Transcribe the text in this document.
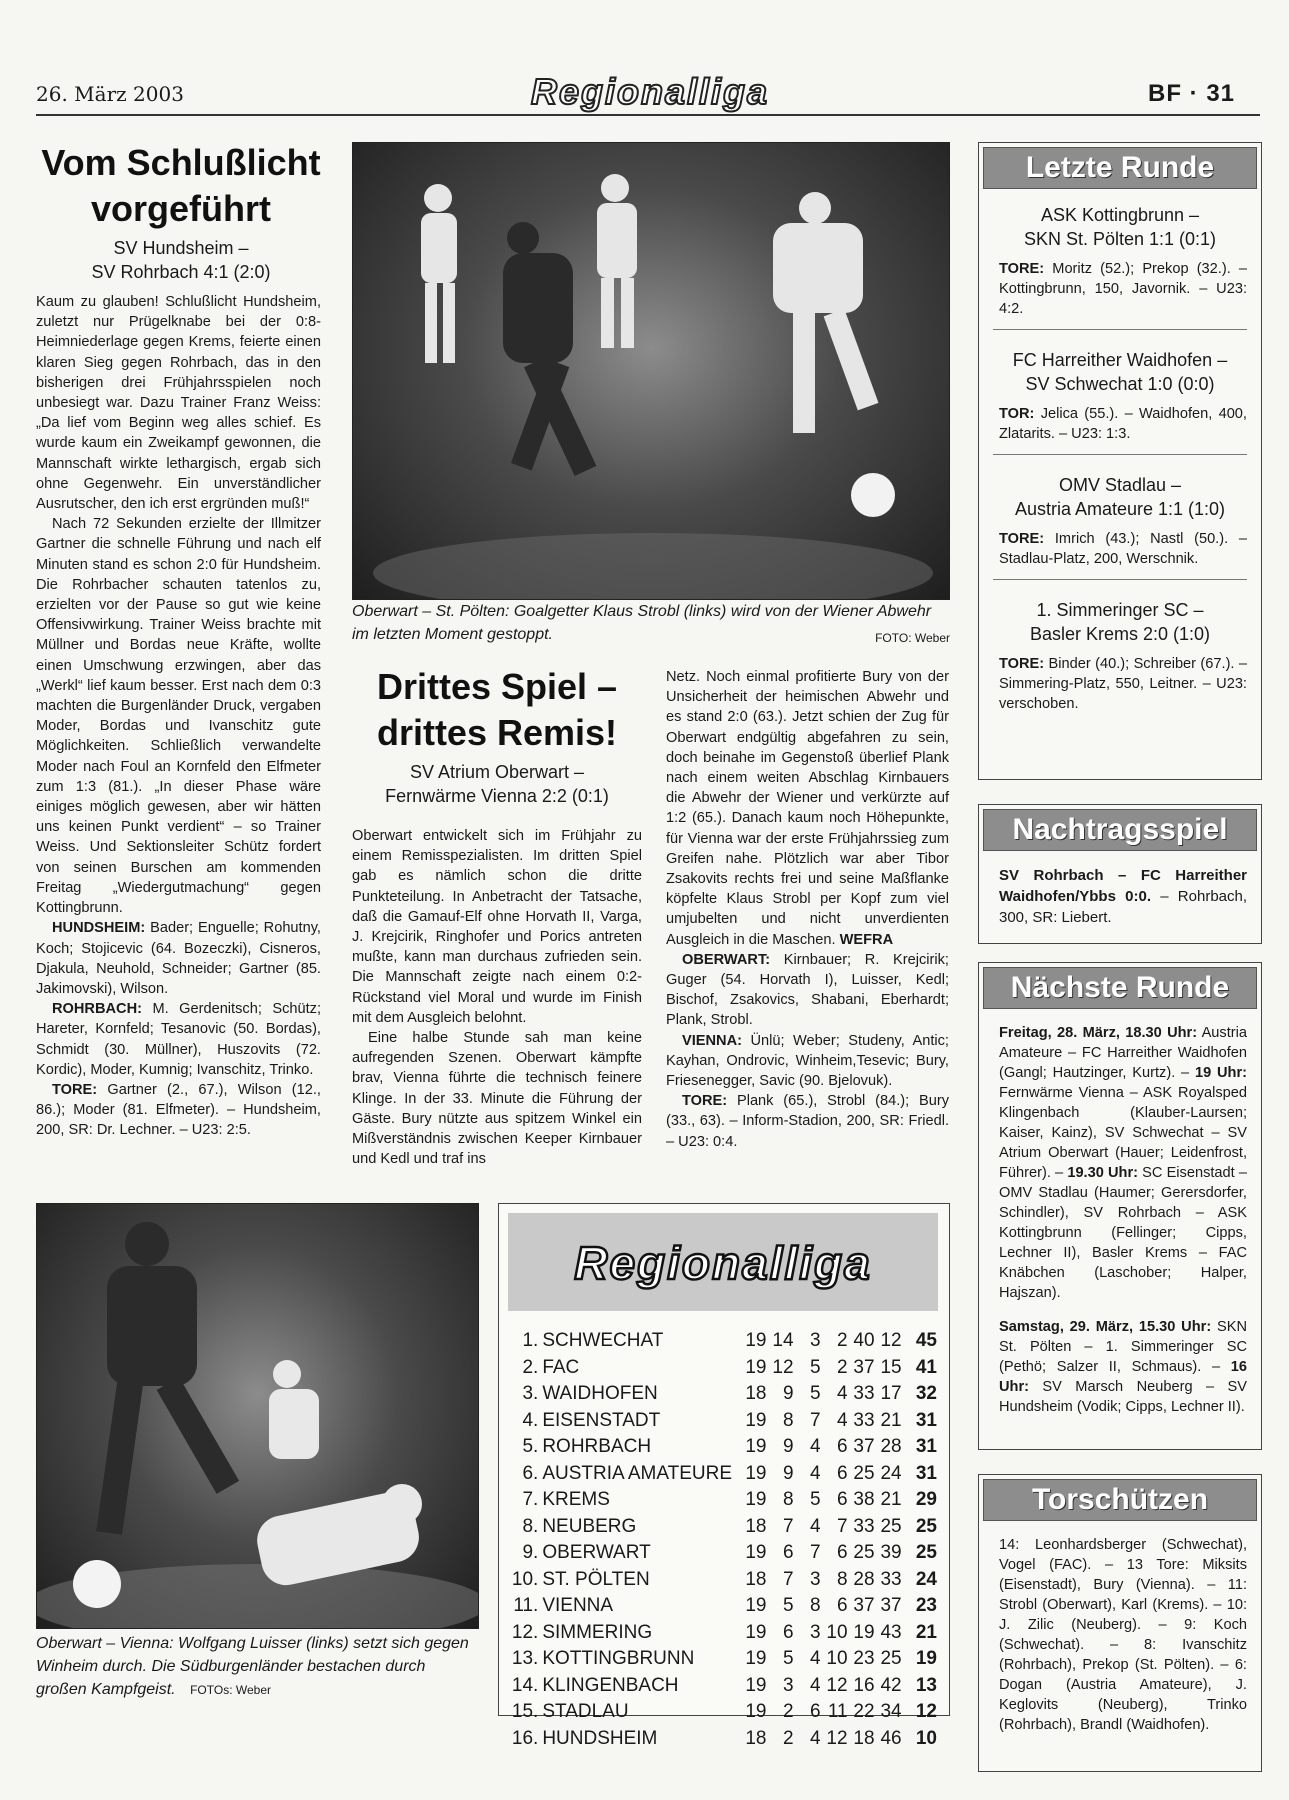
26. März 2003	Regionalliga	BF · 31
Vom Schlußlicht vorgeführt
SV Hundsheim –
SV Rohrbach 4:1 (2:0)

Kaum zu glauben! Schlußlicht Hundsheim, zuletzt nur Prügelknabe bei der 0:8-Heimniederlage gegen Krems, feierte einen klaren Sieg gegen Rohrbach, das in den bisherigen drei Frühjahrsspielen noch unbesiegt war. Dazu Trainer Franz Weiss: „Da lief vom Beginn weg alles schief. Es wurde kaum ein Zweikampf gewonnen, die Mannschaft wirkte lethargisch, ergab sich ohne Gegenwehr. Ein unverständlicher Ausrutscher, den ich erst ergründen muß!“

Nach 72 Sekunden erzielte der Illmitzer Gartner die schnelle Führung und nach elf Minuten stand es schon 2:0 für Hundsheim. Die Rohrbacher schauten tatenlos zu, erzielten vor der Pause so gut wie keine Offensivwirkung. Trainer Weiss brachte mit Müllner und Bordas neue Kräfte, wollte einen Umschwung erzwingen, aber das „Werkl“ lief kaum besser. Erst nach dem 0:3 machten die Burgenländer Druck, vergaben Moder, Bordas und Ivanschitz gute Möglichkeiten. Schließlich verwandelte Moder nach Foul an Kornfeld den Elfmeter zum 1:3 (81.). „In dieser Phase wäre einiges möglich gewesen, aber wir hätten uns keinen Punkt verdient“ – so Trainer Weiss. Und Sektionsleiter Schütz fordert von seinen Burschen am kommenden Freitag „Wiedergutmachung“ gegen Kottingbrunn.

HUNDSHEIM: Bader; Enguelle; Rohutny, Koch; Stojicevic (64. Bozeczki), Cisneros, Djakula, Neuhold, Schneider; Gartner (85. Jakimovski), Wilson.

ROHRBACH: M. Gerdenitsch; Schütz; Hareter, Kornfeld; Tesanovic (50. Bordas), Schmidt (30. Müllner), Huszovits (72. Kordic), Moder, Kumnig; Ivanschitz, Trinko.

TORE: Gartner (2., 67.), Wilson (12., 86.); Moder (81. Elfmeter). – Hundsheim, 200, SR: Dr. Lechner. – U23: 2:5.

Oberwart – St. Pölten: Goalgetter Klaus Strobl (links) wird von der Wiener Abwehr im letzten Moment gestoppt.	FOTO: Weber
Drittes Spiel – drittes Remis!
SV Atrium Oberwart –
Fernwärme Vienna 2:2 (0:1)

Oberwart entwickelt sich im Frühjahr zu einem Remisspezialisten. Im dritten Spiel gab es nämlich schon die dritte Punkteteilung. In Anbetracht der Tatsache, daß die Gamauf-Elf ohne Horvath II, Varga, J. Krejcirik, Ringhofer und Porics antreten mußte, kann man durchaus zufrieden sein. Die Mannschaft zeigte nach einem 0:2-Rückstand viel Moral und wurde im Finish mit dem Ausgleich belohnt.

Eine halbe Stunde sah man keine aufregenden Szenen. Oberwart kämpfte brav, Vienna führte die technisch feinere Klinge. In der 33. Minute die Führung der Gäste. Bury nützte aus spitzem Winkel ein Mißverständnis zwischen Keeper Kirnbauer und Kedl und traf ins

Netz. Noch einmal profitierte Bury von der Unsicherheit der heimischen Abwehr und es stand 2:0 (63.). Jetzt schien der Zug für Oberwart endgültig abgefahren zu sein, doch beinahe im Gegenstoß überlief Plank nach einem weiten Abschlag Kirnbauers die Abwehr der Wiener und verkürzte auf 1:2 (65.). Danach kaum noch Höhepunkte, für Vienna war der erste Frühjahrssieg zum Greifen nahe. Plötzlich war aber Tibor Zsakovits rechts frei und seine Maßflanke köpfelte Klaus Strobl per Kopf zum viel umjubelten und nicht unverdienten Ausgleich in die Maschen. WEFRA

OBERWART: Kirnbauer; R. Krejcirik; Guger (54. Horvath I), Luisser, Kedl; Bischof, Zsakovics, Shabani, Eberhardt; Plank, Strobl.

VIENNA: Ünlü; Weber; Studeny, Antic; Kayhan, Ondrovic, Winheim,Tesevic; Bury, Friesenegger, Savic (90. Bjelovuk).

TORE: Plank (65.), Strobl (84.); Bury (33., 63). – Inform-Stadion, 200, SR: Friedl. – U23: 0:4.

Oberwart – Vienna: Wolfgang Luisser (links) setzt sich gegen Winheim durch. Die Südburgenländer bestachen durch großen Kampfgeist. FOTOs: Weber
Regionalliga
1.	SCHWECHAT	19	14	3	2	40	12	45
2.	FAC	19	12	5	2	37	15	41
3.	WAIDHOFEN	18	9	5	4	33	17	32
4.	EISENSTADT	19	8	7	4	33	21	31
5.	ROHRBACH	19	9	4	6	37	28	31
6.	AUSTRIA AMATEURE	19	9	4	6	25	24	31
7.	KREMS	19	8	5	6	38	21	29
8.	NEUBERG	18	7	4	7	33	25	25
9.	OBERWART	19	6	7	6	25	39	25
10.	ST. PÖLTEN	18	7	3	8	28	33	24
11.	VIENNA	19	5	8	6	37	37	23
12.	SIMMERING	19	6	3	10	19	43	21
13.	KOTTINGBRUNN	19	5	4	10	23	25	19
14.	KLINGENBACH	19	3	4	12	16	42	13
15.	STADLAU	19	2	6	11	22	34	12
16.	HUNDSHEIM	18	2	4	12	18	46	10
Letzte Runde
ASK Kottingbrunn –
SKN St. Pölten 1:1 (0:1)
TORE: Moritz (52.); Prekop (32.). – Kottingbrunn, 150, Javornik. – U23: 4:2.
FC Harreither Waidhofen –
SV Schwechat 1:0 (0:0)
TOR: Jelica (55.). – Waidhofen, 400, Zlatarits. – U23: 1:3.
OMV Stadlau –
Austria Amateure 1:1 (1:0)
TORE: Imrich (43.); Nastl (50.). – Stadlau-Platz, 200, Werschnik.
1. Simmeringer SC –
Basler Krems 2:0 (1:0)
TORE: Binder (40.); Schreiber (67.). – Simmering-Platz, 550, Leitner. – U23: verschoben.
Nachtragsspiel
SV Rohrbach – FC Harreither Waidhofen/Ybbs 0:0. – Rohrbach, 300, SR: Liebert.
Nächste Runde
Freitag, 28. März, 18.30 Uhr: Austria Amateure – FC Harreither Waidhofen (Gangl; Hautzinger, Kurtz). – 19 Uhr: Fernwärme Vienna – ASK Royalsped Klingenbach (Klauber-Laursen; Kaiser, Kainz), SV Schwechat – SV Atrium Oberwart (Hauer; Leidenfrost, Führer). – 19.30 Uhr: SC Eisenstadt – OMV Stadlau (Haumer; Gerersdorfer, Schindler), SV Rohrbach – ASK Kottingbrunn (Fellinger; Cipps, Lechner II), Basler Krems – FAC Knäbchen (Laschober; Halper, Hajszan).
Samstag, 29. März, 15.30 Uhr: SKN St. Pölten – 1. Simmeringer SC (Pethö; Salzer II, Schmaus). – 16 Uhr: SV Marsch Neuberg – SV Hundsheim (Vodik; Cipps, Lechner II).
Torschützen
14: Leonhardsberger (Schwechat), Vogel (FAC). – 13 Tore: Miksits (Eisenstadt), Bury (Vienna). – 11: Strobl (Oberwart), Karl (Krems). – 10: J. Zilic (Neuberg). – 9: Koch (Schwechat). – 8: Ivanschitz (Rohrbach), Prekop (St. Pölten). – 6: Dogan (Austria Amateure), J. Keglovits (Neuberg), Trinko (Rohrbach), Brandl (Waidhofen).
